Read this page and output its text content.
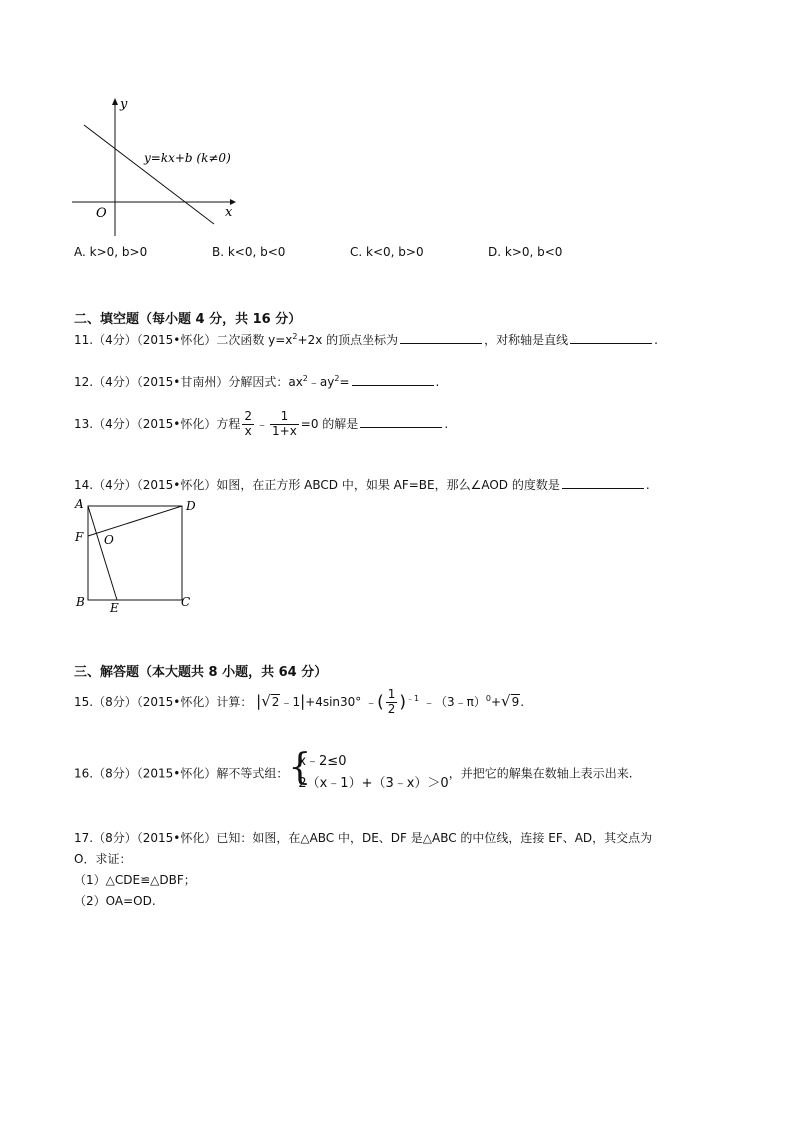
y
x
O
y=kx+b (k≠0)
A. k>0, b>0	B. k<0, b<0	C. k<0, b>0	D. k>0, b<0
二、填空题（每小题 4 分，共 16 分）
11.（4分）（2015•怀化）二次函数 $y=x^2+2x$ 的顶点坐标为	，对称轴是直线	.
12.（4分）（2015•甘南州）分解因式：$ax^2﹣ay^2=$	.
13.（4分）（2015•怀化）方程 $\frac{2}{x}$ ﹣ $\frac{1}{1+x} =0$ 的解是	.
14.（4分）（2015•怀化）如图，在正方形 ABCD 中，如果 AF=BE，那么∠AOD 的度数是	.
A	D
F O
B E	C
三、解答题（本大题共 8 小题，共 64 分）
15.（8分）（2015•怀化）计算： |√2﹣1|+4sin30° ﹣( $\frac{1}{2} )^{﹣1}$ ﹣（3﹣π）$^0$+√9.
16.（8分）（2015•怀化）解不等式组： {
x﹣2≤0
2（x﹣1）+（3﹣x）＞0
，并把它的解集在数轴上表示出来.
17.（8分）（2015•怀化）已知：如图，在△ABC 中，DE、DF 是△ABC 的中位线，连接 EF、AD，其交点为
O．求证：
（1）△CDE≌△DBF；
（2）OA=OD.
